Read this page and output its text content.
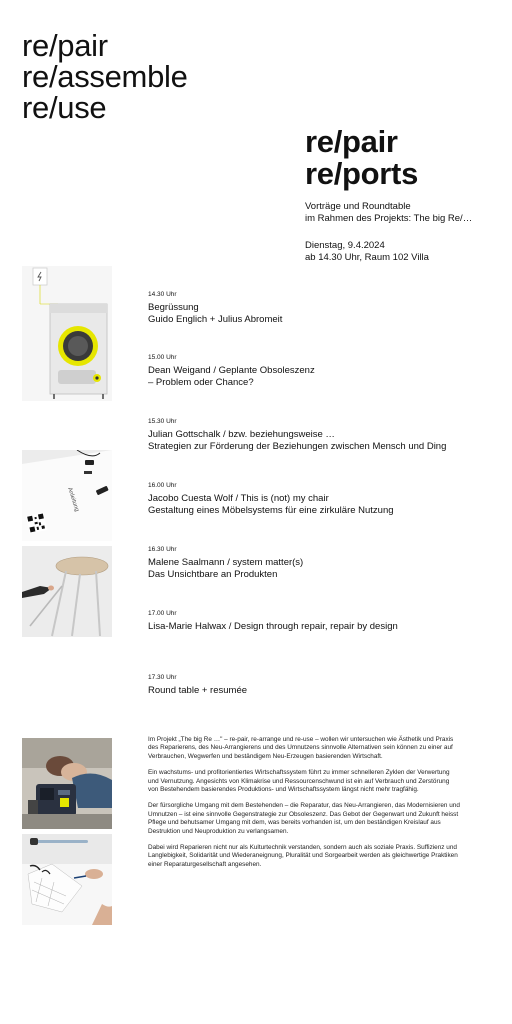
re/pair
re/assemble
re/use
re/pair
re/ports
Vorträge und Roundtable
im Rahmen des Projekts: The big Re/…
Dienstag, 9.4.2024
ab 14.30 Uhr, Raum 102 Villa
14.30 Uhr
Begrüssung
Guido Englich + Julius Abromeit
15.00 Uhr
Dean Weigand / Geplante Obsoleszenz
– Problem oder Chance?
15.30 Uhr
Julian Gottschalk / bzw. beziehungsweise …
Strategien zur Förderung der Beziehungen zwischen Mensch und Ding
16.00 Uhr
Jacobo Cuesta Wolf / This is (not) my chair
Gestaltung eines Möbelsystems für eine zirkuläre Nutzung
16.30 Uhr
Malene Saalmann / system matter(s)
Das Unsichtbare an Produkten
17.00 Uhr
Lisa-Marie Halwax / Design through repair, repair by design
17.30 Uhr
Round table + resumée
Anleitung

Im Projekt „The big Re …" – re-pair, re-arrange und re-use – wollen wir untersuchen wie Ästhetik und Praxis des Reparierens, des Neu-Arrangierens und des Umnutzens sinnvolle Alternativen sein können zu einer auf Verbrauchen, Wegwerfen und beständigem Neu-Erzeugen basierenden Wirtschaft.

Ein wachstums- und profitorientiertes Wirtschaftssystem führt zu immer schnelleren Zyklen der Verwertung und Vernutzung. Angesichts von Klimakrise und Ressourcenschwund ist ein auf Verbrauch und Zerstörung von Bestehendem basierendes Produktions- und Wirtschaftssystem längst nicht mehr tragfähig.

Der fürsorgliche Umgang mit dem Bestehenden – die Reparatur, das Neu-Arrangieren, das Modernisieren und Umnutzen – ist eine sinnvolle Gegenstrategie zur Obsoleszenz. Das Gebot der Gegenwart und Zukunft heisst Pflege und behutsamer Umgang mit dem, was bereits vorhanden ist, um den beständigen Kreislauf aus Destruktion und Neuproduktion zu verlangsamen.

Dabei wird Reparieren nicht nur als Kulturtechnik verstanden, sondern auch als soziale Praxis. Suffizienz und Langlebigkeit, Solidarität und Wiederaneignung, Pluralität und Sorgearbeit werden als gleichwertige Praktiken einer Reparaturgesellschaft angesehen.
